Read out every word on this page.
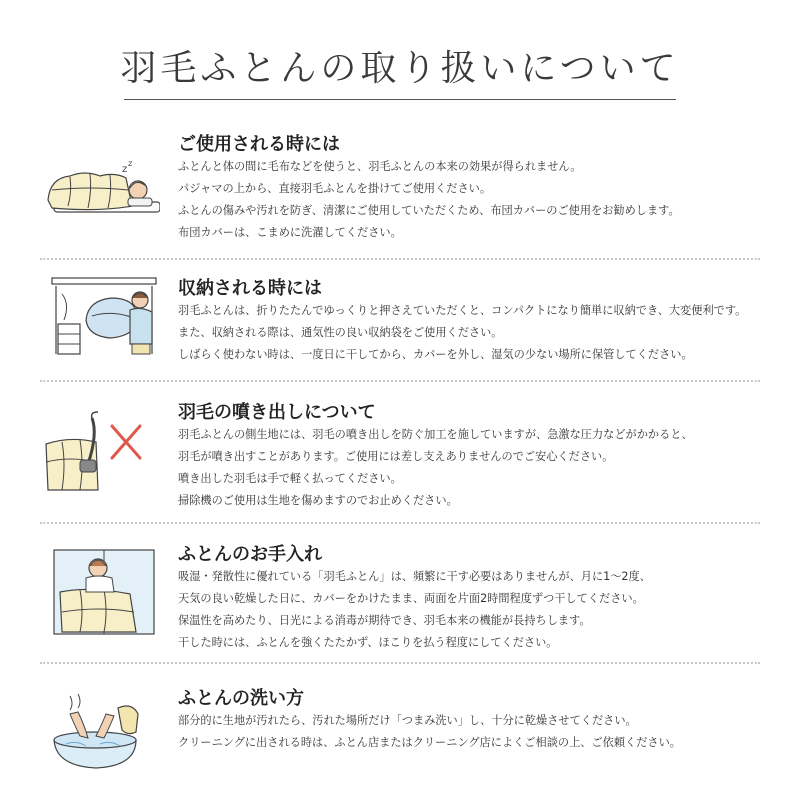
羽毛ふとんの取り扱いについて
z
z
ご使用される時には
ふとんと体の間に毛布などを使うと、羽毛ふとんの本来の効果が得られません。
パジャマの上から、直接羽毛ふとんを掛けてご使用ください。
ふとんの傷みや汚れを防ぎ、清潔にご使用していただくため、布団カバーのご使用をお勧めします。
布団カバーは、こまめに洗濯してください。
収納される時には
羽毛ふとんは、折りたたんでゆっくりと押さえていただくと、コンパクトになり簡単に収納でき、大変便利です。
また、収納される際は、通気性の良い収納袋をご使用ください。
しばらく使わない時は、一度日に干してから、カバーを外し、湿気の少ない場所に保管してください。
羽毛の噴き出しについて
羽毛ふとんの側生地には、羽毛の噴き出しを防ぐ加工を施していますが、急激な圧力などがかかると、
羽毛が噴き出すことがあります。ご使用には差し支えありませんのでご安心ください。
噴き出した羽毛は手で軽く払ってください。
掃除機のご使用は生地を傷めますのでお止めください。
ふとんのお手入れ
吸湿・発散性に優れている「羽毛ふとん」は、頻繁に干す必要はありませんが、月に1〜2度、
天気の良い乾燥した日に、カバーをかけたまま、両面を片面2時間程度ずつ干してください。
保温性を高めたり、日光による消毒が期待でき、羽毛本来の機能が長持ちします。
干した時には、ふとんを強くたたかず、ほこりを払う程度にしてください。
ふとんの洗い方
部分的に生地が汚れたら、汚れた場所だけ「つまみ洗い」し、十分に乾燥させてください。
クリーニングに出される時は、ふとん店またはクリーニング店によくご相談の上、ご依頼ください。
